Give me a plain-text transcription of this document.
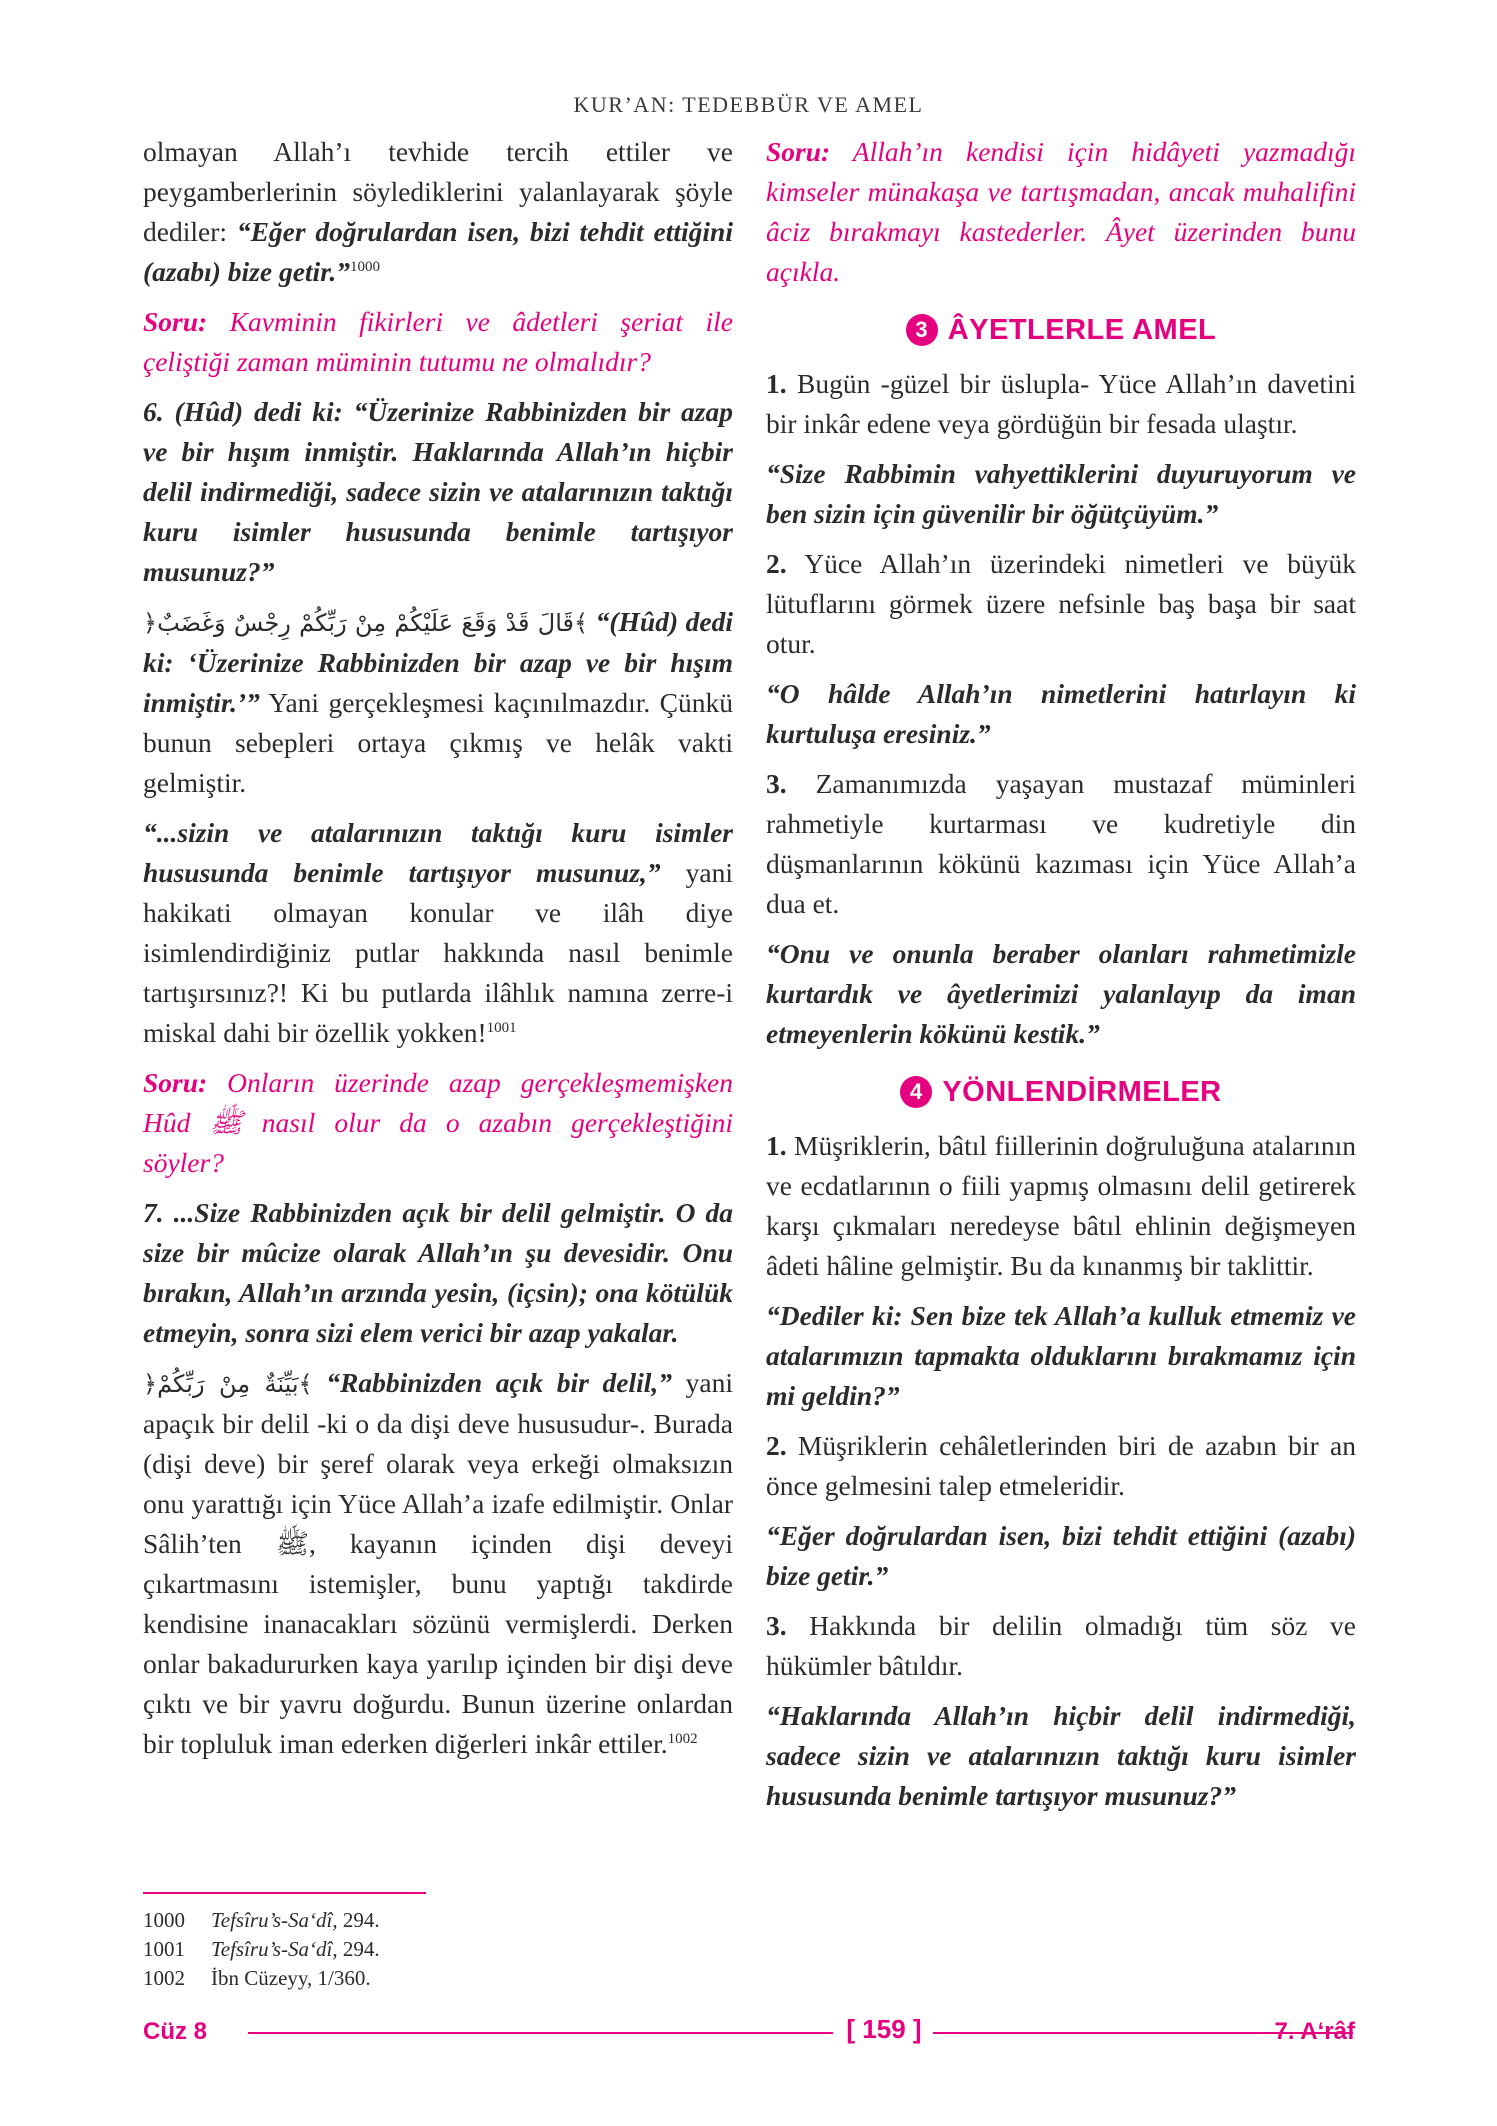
KUR’AN: TEDEBBÜR VE AMEL

olmayan Allah’ı tevhide tercih ettiler ve peygamberlerinin söylediklerini yalanlayarak şöyle dediler: “Eğer doğrulardan isen, bizi tehdit ettiğini (azabı) bize getir.”$^{1000}$

Soru: Kavminin fikirleri ve âdetleri şeriat ile çeliştiği zaman müminin tutumu ne olmalıdır?

6. (Hûd) dedi ki: “Üzerinize Rabbinizden bir azap ve bir hışım inmiştir. Haklarında Allah’ın hiçbir delil indirmediği, sadece sizin ve atalarınızın taktığı kuru isimler hususunda benimle tartışıyor musunuz?”

﴿قَالَ قَدْ وَقَعَ عَلَيْكُمْ مِنْ رَبِّكُمْ رِجْسٌ وَغَضَبٌ﴾ “(Hûd) dedi ki: ‘Üzerinize Rabbinizden bir azap ve bir hışım inmiştir.’” Yani gerçekleşmesi kaçınılmazdır. Çünkü bunun sebepleri ortaya çıkmış ve helâk vakti gelmiştir.

“...sizin ve atalarınızın taktığı kuru isimler hususunda benimle tartışıyor musunuz,” yani hakikati olmayan konular ve ilâh diye isimlendirdiğiniz putlar hakkında nasıl benimle tartışırsınız?! Ki bu putlarda ilâhlık namına zerre-i miskal dahi bir özellik yokken!$^{1001}$

Soru: Onların üzerinde azap gerçekleşmemişken Hûd ﷺ nasıl olur da o azabın gerçekleştiğini söyler?

7. ...Size Rabbinizden açık bir delil gelmiştir. O da size bir mûcize olarak Allah’ın şu devesidir. Onu bırakın, Allah’ın arzında yesin, (içsin); ona kötülük etmeyin, sonra sizi elem verici bir azap yakalar.

﴿بَيِّنَةٌ مِنْ رَبِّكُمْ﴾ “Rabbinizden açık bir delil,” yani apaçık bir delil -ki o da dişi deve hususudur-. Burada (dişi deve) bir şeref olarak veya erkeği olmaksızın onu yarattığı için Yüce Allah’a izafe edilmiştir. Onlar Sâlih’ten ﷺ, kayanın içinden dişi deveyi çıkartmasını istemişler, bunu yaptığı takdirde kendisine inanacakları sözünü vermişlerdi. Derken onlar bakadururken kaya yarılıp içinden bir dişi deve çıktı ve bir yavru doğurdu. Bunun üzerine onlardan bir topluluk iman ederken diğerleri inkâr ettiler.$^{1002}$

Soru: Allah’ın kendisi için hidâyeti yazmadığı kimseler münakaşa ve tartışmadan, ancak muhalifini âciz bırakmayı kastederler. Âyet üzerinden bunu açıkla.

3 ÂYETLERLE AMEL

1. Bugün -güzel bir üslupla- Yüce Allah’ın davetini bir inkâr edene veya gördüğün bir fesada ulaştır.

“Size Rabbimin vahyettiklerini duyuruyorum ve ben sizin için güvenilir bir öğütçüyüm.”

2. Yüce Allah’ın üzerindeki nimetleri ve büyük lütuflarını görmek üzere nefsinle baş başa bir saat otur.

“O hâlde Allah’ın nimetlerini hatırlayın ki kurtuluşa eresiniz.”

3. Zamanımızda yaşayan mustazaf müminleri rahmetiyle kurtarması ve kudretiyle din düşmanlarının kökünü kazıması için Yüce Allah’a dua et.

“Onu ve onunla beraber olanları rahmetimizle kurtardık ve âyetlerimizi yalanlayıp da iman etmeyenlerin kökünü kestik.”

4 YÖNLENDİRMELER

1. Müşriklerin, bâtıl fiillerinin doğruluğuna atalarının ve ecdatlarının o fiili yapmış olmasını delil getirerek karşı çıkmaları neredeyse bâtıl ehlinin değişmeyen âdeti hâline gelmiştir. Bu da kınanmış bir taklittir.

“Dediler ki: Sen bize tek Allah’a kulluk etmemiz ve atalarımızın tapmakta olduklarını bırakmamız için mi geldin?”

2. Müşriklerin cehâletlerinden biri de azabın bir an önce gelmesini talep etmeleridir.

“Eğer doğrulardan isen, bizi tehdit ettiğini (azabı) bize getir.”

3. Hakkında bir delilin olmadığı tüm söz ve hükümler bâtıldır.

“Haklarında Allah’ın hiçbir delil indirmediği, sadece sizin ve atalarınızın taktığı kuru isimler hususunda benimle tartışıyor musunuz?”

1000	Tefsîru’s-Sa‘dî, 294.
1001	Tefsîru’s-Sa‘dî, 294.
1002	İbn Cüzeyy, 1/360.
Cüz 8	[ 159 ]	7. A‘râf
